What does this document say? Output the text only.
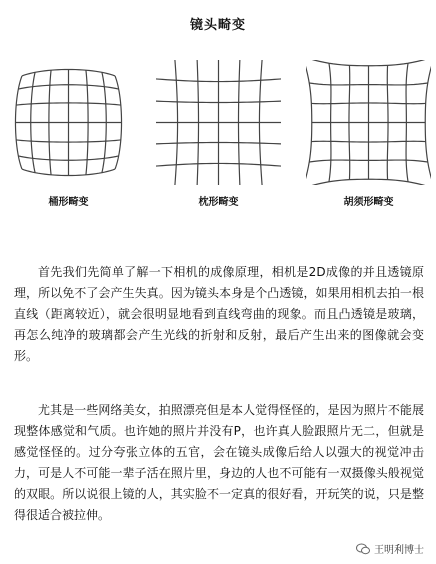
镜头畸变
桶形畸变	枕形畸变	胡须形畸变

首先我们先简单了解一下相机的成像原理，相机是2D成像的并且透镜原理，所以免不了会产生失真。因为镜头本身是个凸透镜，如果用相机去拍一根直线（距离较近），就会很明显地看到直线弯曲的现象。而且凸透镜是玻璃，再怎么纯净的玻璃都会产生光线的折射和反射，最后产生出来的图像就会变形。

尤其是一些网络美女，拍照漂亮但是本人觉得怪怪的，是因为照片不能展现整体感觉和气质。也许她的照片并没有P，也许真人脸跟照片无二，但就是感觉怪怪的。过分夸张立体的五官，会在镜头成像后给人以强大的视觉冲击力，可是人不可能一辈子活在照片里，身边的人也不可能有一双摄像头般视觉的双眼。所以说很上镜的人，其实脸不一定真的很好看，开玩笑的说，只是整得很适合被拉伸。

王明利博士
